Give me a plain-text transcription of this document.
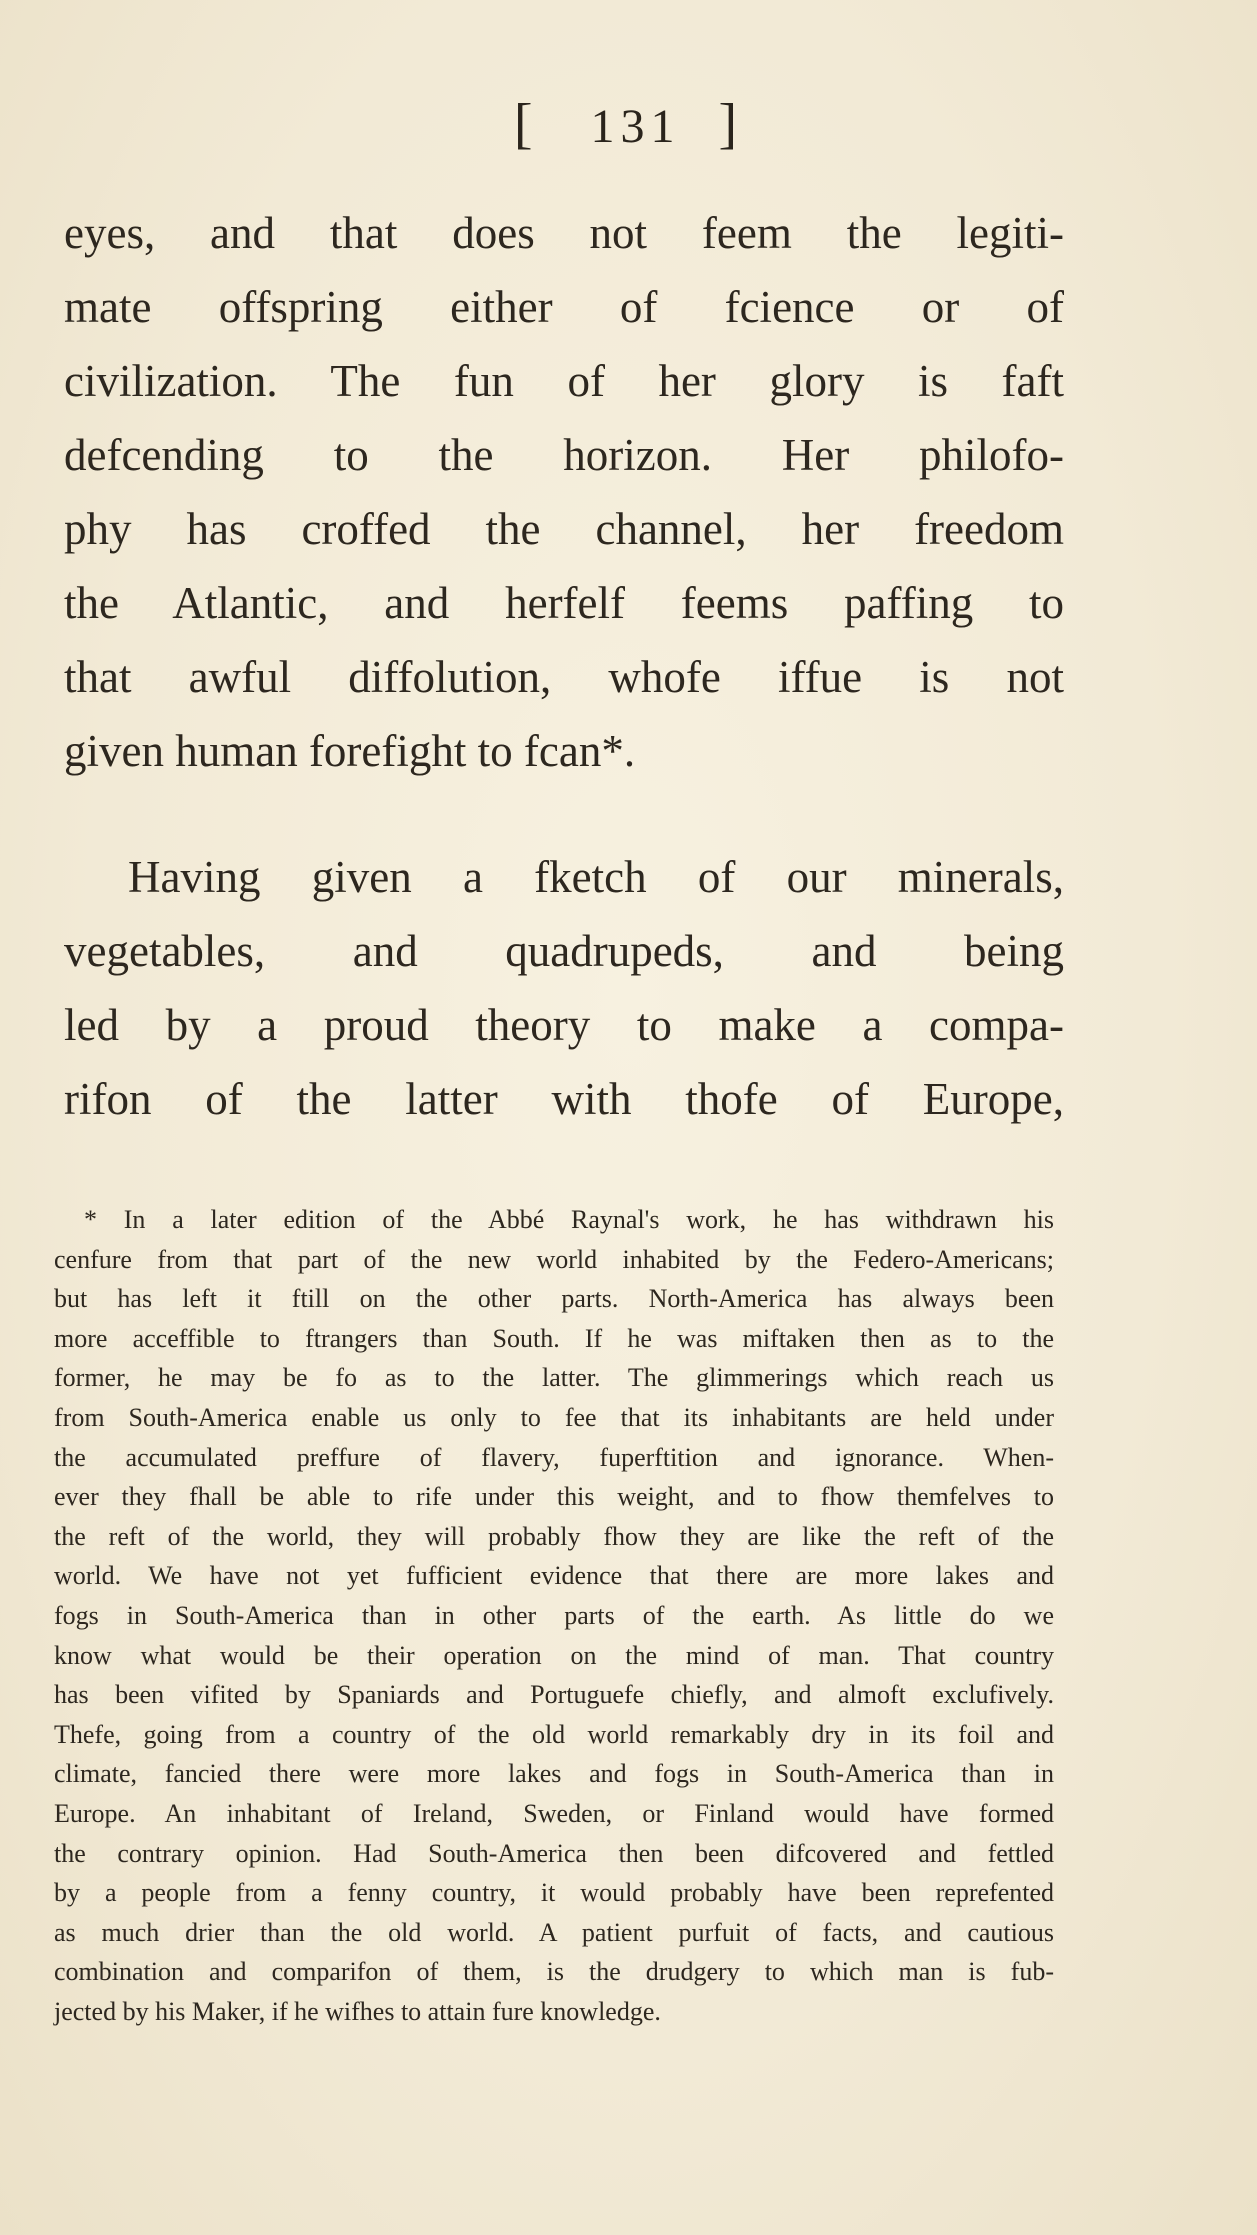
[ 131 ]
eyes, and that does not feem the legiti-
mate offspring either of fcience or of
civilization. The fun of her glory is faft
defcending to the horizon. Her philofo-
phy has croffed the channel, her freedom
the Atlantic, and herfelf feems paffing to
that awful diffolution, whofe iffue is not
given human forefight to fcan*.
Having given a fketch of our minerals,
vegetables, and quadrupeds, and being
led by a proud theory to make a compa-
rifon of the latter with thofe of Europe,
* In a later edition of the Abbé Raynal's work, he has withdrawn his
cenfure from that part of the new world inhabited by the Federo-Americans;
but has left it ftill on the other parts. North-America has always been
more acceffible to ftrangers than South. If he was miftaken then as to the
former, he may be fo as to the latter. The glimmerings which reach us
from South-America enable us only to fee that its inhabitants are held under
the accumulated preffure of flavery, fuperftition and ignorance. When-
ever they fhall be able to rife under this weight, and to fhow themfelves to
the reft of the world, they will probably fhow they are like the reft of the
world. We have not yet fufficient evidence that there are more lakes and
fogs in South-America than in other parts of the earth. As little do we
know what would be their operation on the mind of man. That country
has been vifited by Spaniards and Portuguefe chiefly, and almoft exclufively.
Thefe, going from a country of the old world remarkably dry in its foil and
climate, fancied there were more lakes and fogs in South-America than in
Europe. An inhabitant of Ireland, Sweden, or Finland would have formed
the contrary opinion. Had South-America then been difcovered and fettled
by a people from a fenny country, it would probably have been reprefented
as much drier than the old world. A patient purfuit of facts, and cautious
combination and comparifon of them, is the drudgery to which man is fub-
jected by his Maker, if he wifhes to attain fure knowledge.
